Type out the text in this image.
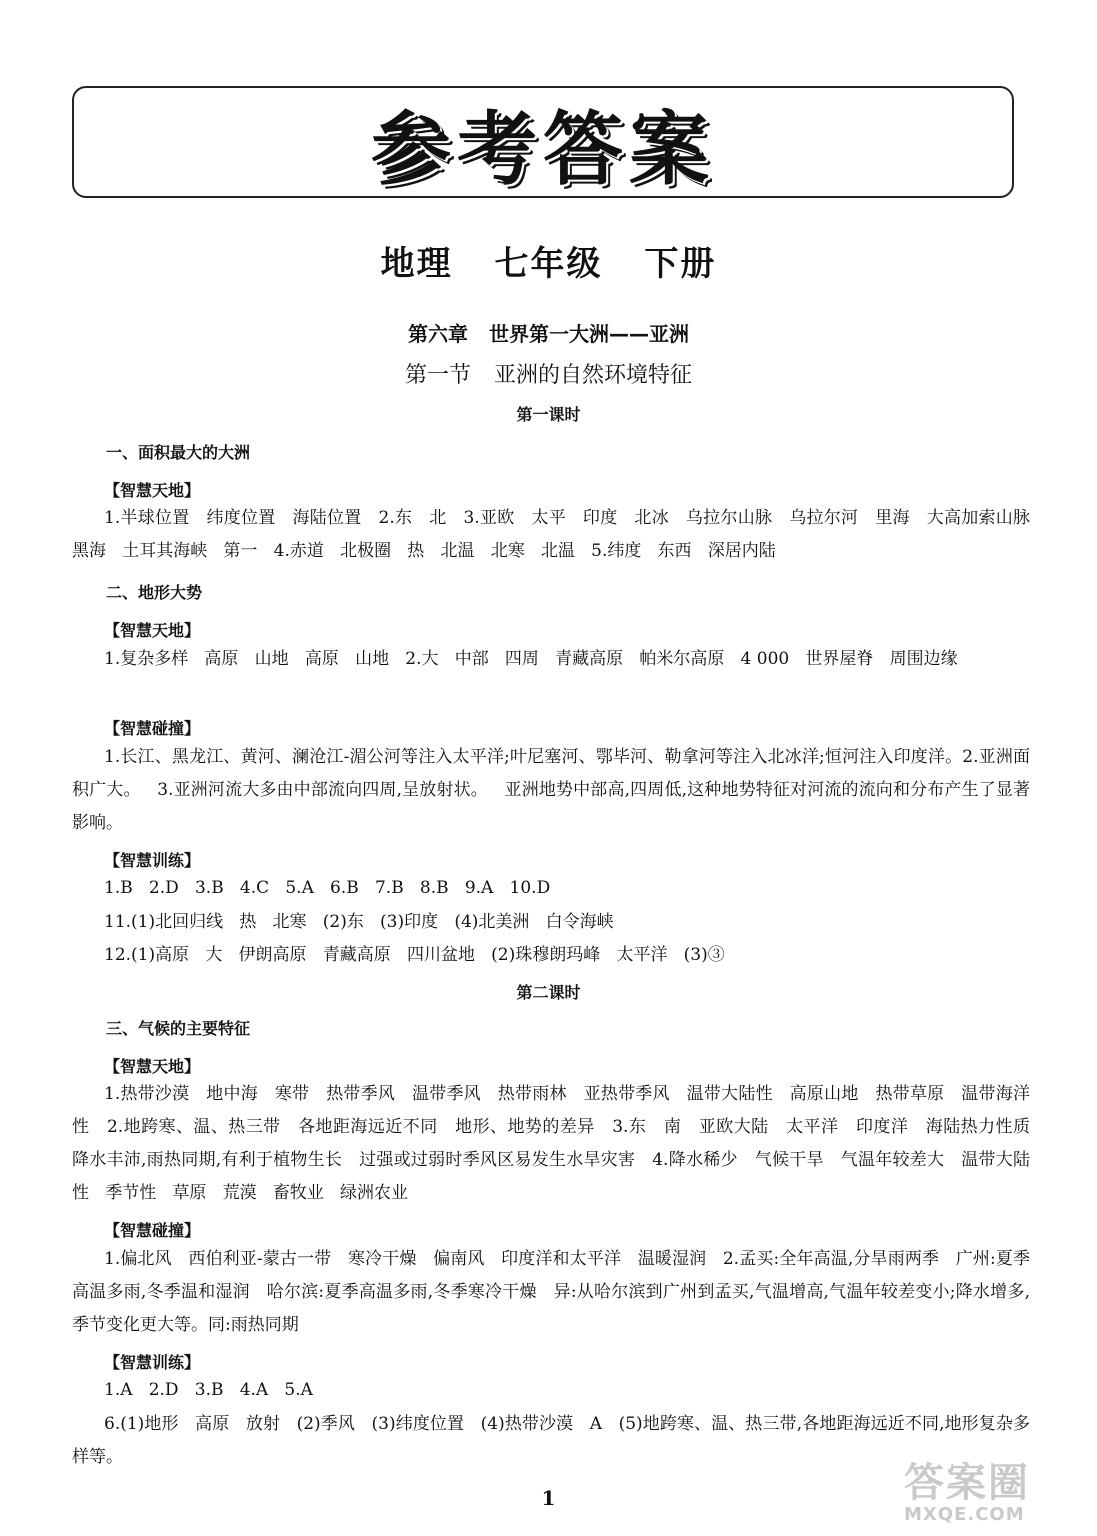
参考答案
地理 七年级 下册
第六章 世界第一大洲——亚洲
第一节 亚洲的自然环境特征
第一课时
一、面积最大的大洲
【智慧天地】
1.半球位置   纬度位置   海陆位置   2.东   北   3.亚欧   太平   印度   北冰   乌拉尔山脉   乌拉尔河   里海   大高加索山脉   黑海   土耳其海峡   第一   4.赤道   北极圈   热   北温   北寒   北温   5.纬度   东西   深居内陆
二、地形大势
【智慧天地】
1.复杂多样   高原   山地   高原   山地   2.大   中部   四周   青藏高原   帕米尔高原   4 000   世界屋脊   周围边缘
【智慧碰撞】
1.长江、黑龙江、黄河、澜沧江-湄公河等注入太平洋;叶尼塞河、鄂毕河、勒拿河等注入北冰洋;恒河注入印度洋。2.亚洲面积广大。   3.亚洲河流大多由中部流向四周,呈放射状。   亚洲地势中部高,四周低,这种地势特征对河流的流向和分布产生了显著影响。
【智慧训练】
1.B   2.D   3.B   4.C   5.A   6.B   7.B   8.B   9.A   10.D
11.(1)北回归线   热   北寒   (2)东   (3)印度   (4)北美洲   白令海峡
12.(1)高原   大   伊朗高原   青藏高原   四川盆地   (2)珠穆朗玛峰   太平洋   (3)③
第二课时
三、气候的主要特征
【智慧天地】
1.热带沙漠   地中海   寒带   热带季风   温带季风   热带雨林   亚热带季风   温带大陆性   高原山地   热带草原   温带海洋性   2.地跨寒、温、热三带   各地距海远近不同   地形、地势的差异   3.东   南   亚欧大陆   太平洋   印度洋   海陆热力性质   降水丰沛,雨热同期,有利于植物生长   过强或过弱时季风区易发生水旱灾害   4.降水稀少   气候干旱   气温年较差大   温带大陆性   季节性   草原   荒漠   畜牧业   绿洲农业
【智慧碰撞】
1.偏北风   西伯利亚-蒙古一带   寒冷干燥   偏南风   印度洋和太平洋   温暖湿润   2.孟买:全年高温,分旱雨两季   广州:夏季高温多雨,冬季温和湿润   哈尔滨:夏季高温多雨,冬季寒冷干燥   异:从哈尔滨到广州到孟买,气温增高,气温年较差变小;降水增多,季节变化更大等。同:雨热同期
【智慧训练】
1.A   2.D   3.B   4.A   5.A
6.(1)地形   高原   放射   (2)季风   (3)纬度位置   (4)热带沙漠   A   (5)地跨寒、温、热三带,各地距海远近不同,地形复杂多样等。
1	答案圈
MXQE.COM
